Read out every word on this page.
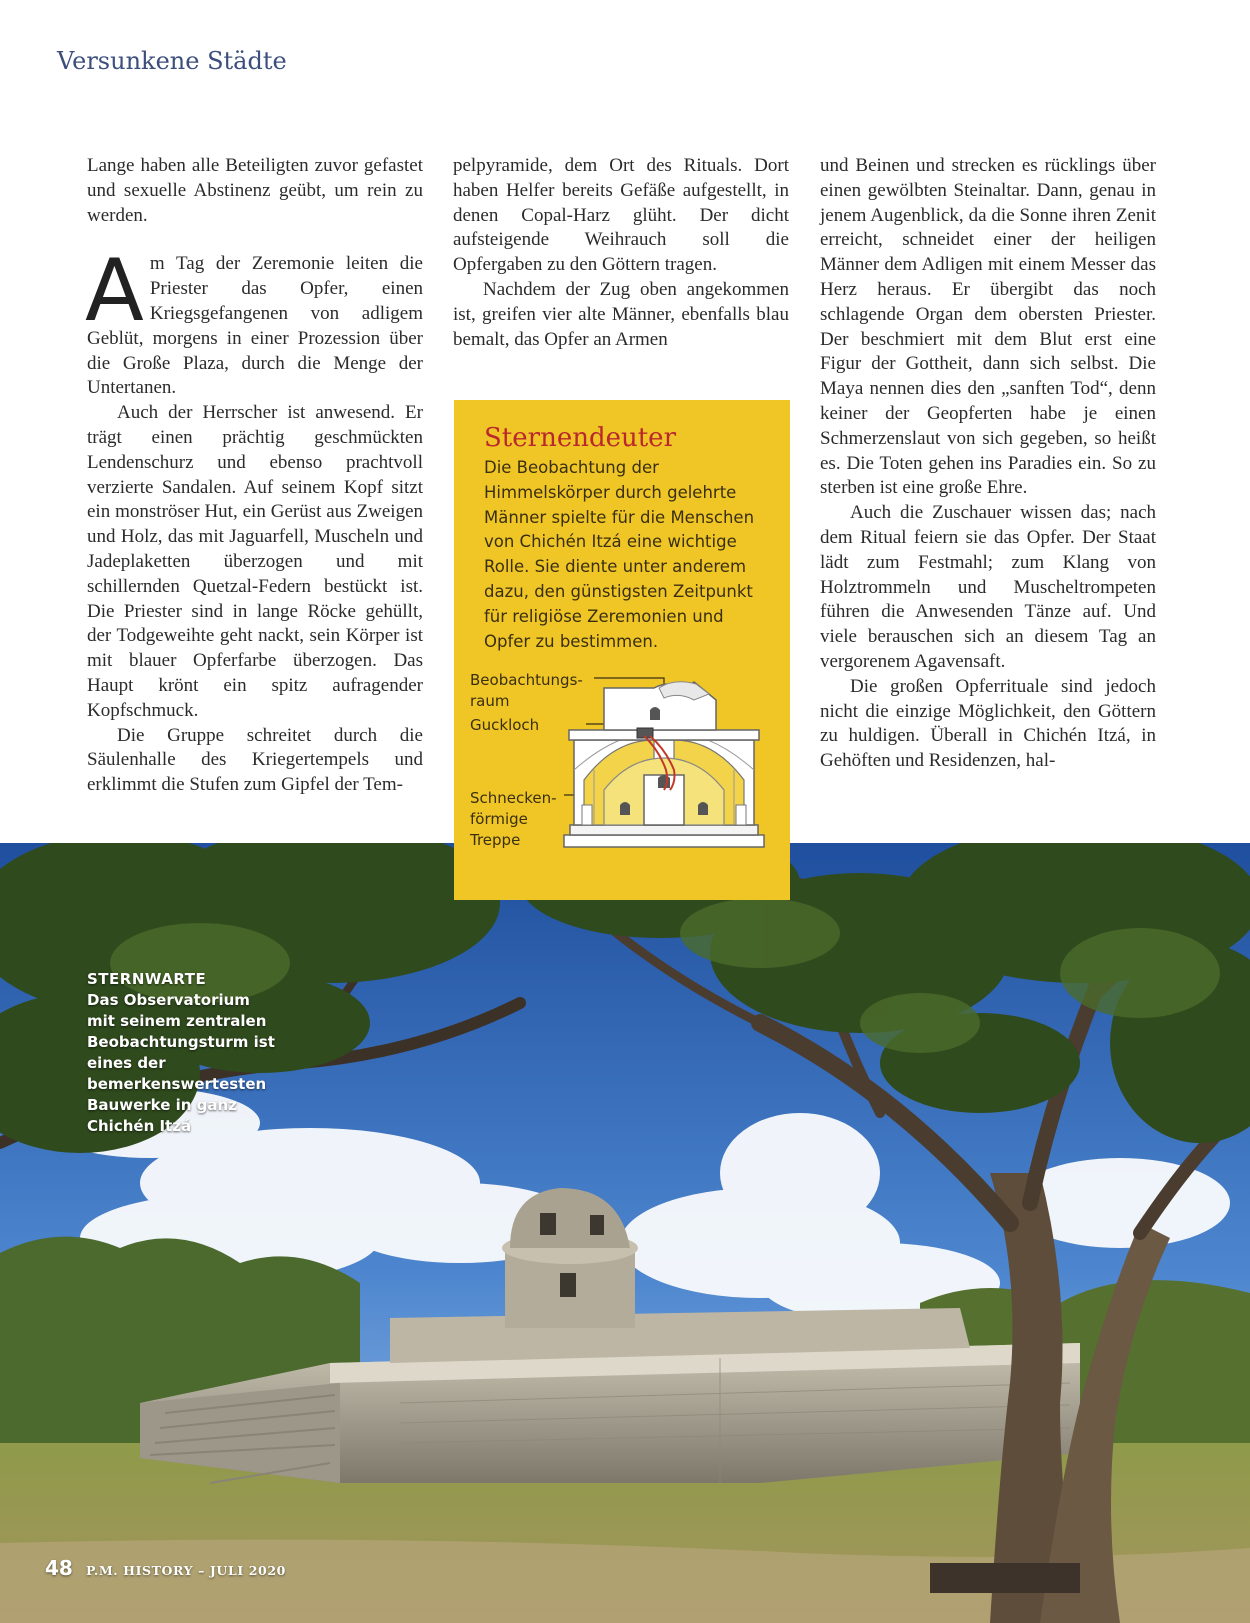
Versunkene Städte

Lange haben alle Beteiligten zuvor gefastet und sexuelle Abstinenz geübt, um rein zu werden.

Am Tag der Zeremonie leiten die Priester das Opfer, einen Kriegsgefangenen von adligem Geblüt, morgens in einer Prozession über die Große Plaza, durch die Menge der Untertanen.

Auch der Herrscher ist anwesend. Er trägt einen prächtig geschmückten Lendenschurz und ebenso prachtvoll verzierte Sandalen. Auf seinem Kopf sitzt ein monströser Hut, ein Gerüst aus Zweigen und Holz, das mit Jaguarfell, Muscheln und Jadeplaketten überzogen und mit schillernden Quetzal-Federn bestückt ist. Die Priester sind in lange Röcke gehüllt, der Todgeweihte geht nackt, sein Körper ist mit blauer Opferfarbe überzogen. Das Haupt krönt ein spitz aufragender Kopfschmuck.

Die Gruppe schreitet durch die Säulenhalle des Kriegertempels und erklimmt die Stufen zum Gipfel der Tem-

pelpyramide, dem Ort des Rituals. Dort haben Helfer bereits Gefäße aufgestellt, in denen Copal-Harz glüht. Der dicht aufsteigende Weihrauch soll die Opfergaben zu den Göttern tragen.

Nachdem der Zug oben angekommen ist, greifen vier alte Männer, ebenfalls blau bemalt, das Opfer an Armen

und Beinen und strecken es rücklings über einen gewölbten Steinaltar. Dann, genau in jenem Augenblick, da die Sonne ihren Zenit erreicht, schneidet einer der heiligen Männer dem Adligen mit einem Messer das Herz heraus. Er übergibt das noch schlagende Organ dem obersten Priester. Der beschmiert mit dem Blut erst eine Figur der Gottheit, dann sich selbst. Die Maya nennen dies den „sanften Tod“, denn keiner der Geopferten habe je einen Schmerzenslaut von sich gegeben, so heißt es. Die Toten gehen ins Paradies ein. So zu sterben ist eine große Ehre.

Auch die Zuschauer wissen das; nach dem Ritual feiern sie das Opfer. Der Staat lädt zum Festmahl; zum Klang von Holztrommeln und Muscheltrompeten führen die Anwesenden Tänze auf. Und viele berauschen sich an diesem Tag an vergorenem Agavensaft.

Die großen Opferrituale sind jedoch nicht die einzige Möglichkeit, den Göttern zu huldigen. Überall in Chichén Itzá, in Gehöften und Residenzen, hal-

Sternendeuter

Die Beobachtung der Himmelskörper durch gelehrte Männer spielte für die Menschen von Chichén Itzá eine wichtige Rolle. Sie diente unter anderem dazu, den günstigsten Zeitpunkt für religiöse Zeremonien und Opfer zu bestimmen.

Beobachtungs-
raum

Guckloch

Schnecken-
förmige
Treppe

STERNWARTE

Das Observatorium mit seinem zentralen Beobachtungsturm ist eines der bemerkenswertesten Bauwerke in ganz Chichén Itzá

48 P.M. HISTORY – JULI 2020
